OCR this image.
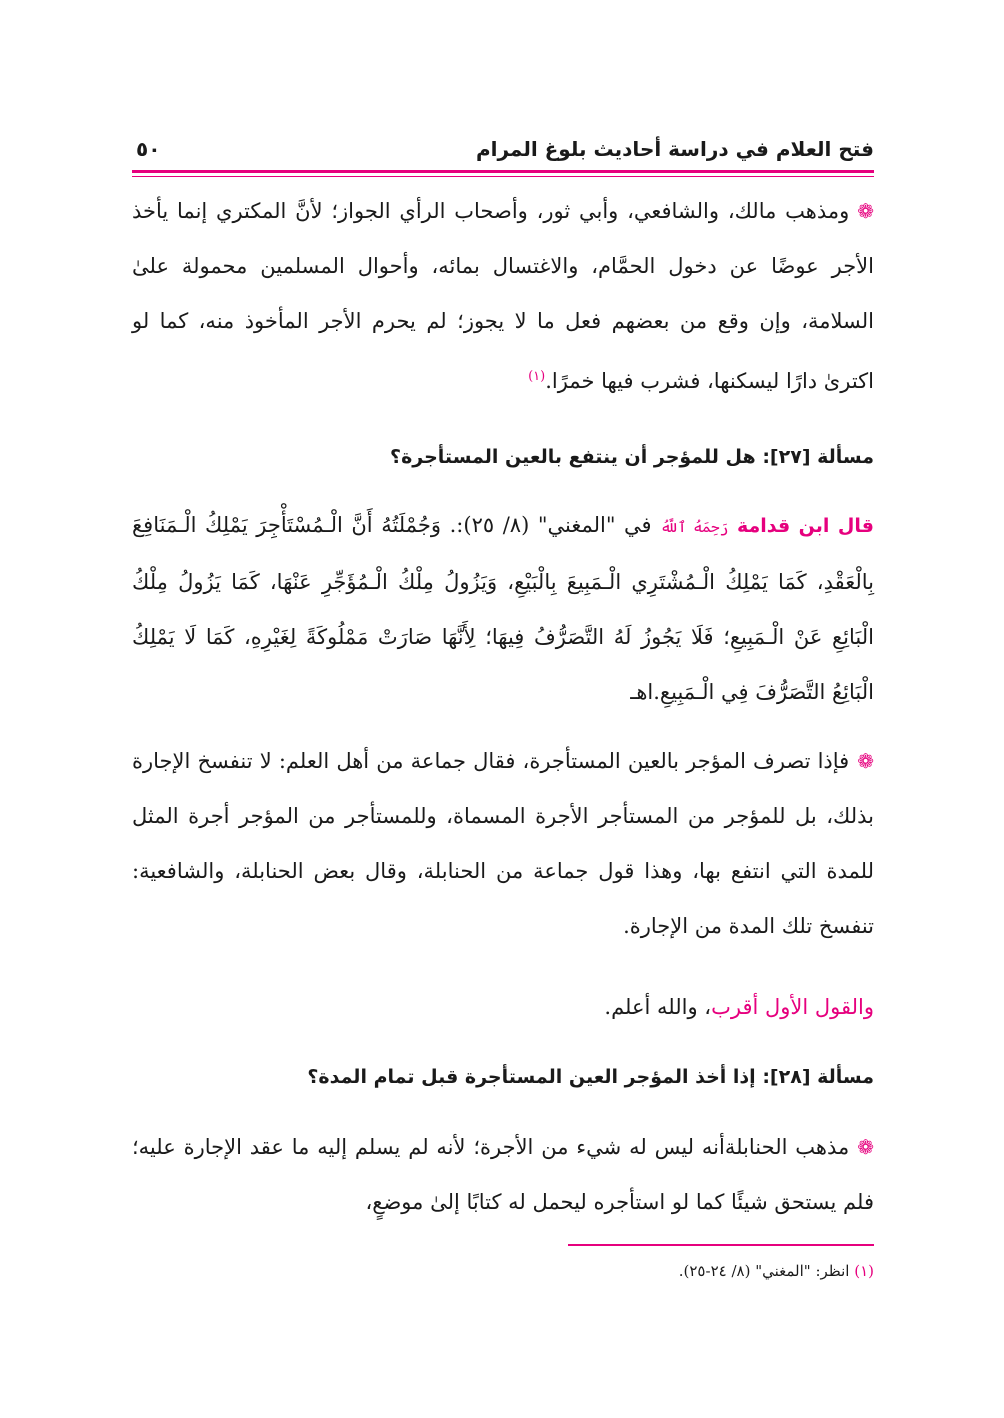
فتح العلام في دراسة أحاديث بلوغ المرام
٥٠

❁ومذهب مالك، والشافعي، وأبي ثور، وأصحاب الرأي الجواز؛ لأنَّ المكتري إنما يأخذ الأجر عوضًا عن دخول الحمَّام، والاغتسال بمائه، وأحوال المسلمين محمولة علىٰ السلامة، وإن وقع من بعضهم فعل ما لا يجوز؛ لم يحرم الأجر المأخوذ منه، كما لو اكترىٰ دارًا ليسكنها، فشرب فيها خمرًا.$^{(١)}$

مسألة [٢٧]: هل للمؤجر أن ينتفع بالعين المستأجرة؟

قال ابن قدامة رَحِمَهُ ٱللَّهُ في "المغني" (٨/ ٢٥):. وَجُمْلَتُهُ أَنَّ الْـمُسْتَأْجِرَ يَمْلِكُ الْـمَنَافِعَ بِالْعَقْدِ، كَمَا يَمْلِكُ الْـمُشْتَرِي الْـمَبِيعَ بِالْبَيْعِ، وَيَزُولُ مِلْكُ الْـمُؤَجِّرِ عَنْهَا، كَمَا يَزُولُ مِلْكُ الْبَائِعِ عَنْ الْـمَبِيعِ؛ فَلَا يَجُوزُ لَهُ التَّصَرُّفُ فِيهَا؛ لِأَنَّهَا صَارَتْ مَمْلُوكَةً لِغَيْرِهِ، كَمَا لَا يَمْلِكُ الْبَائِعُ التَّصَرُّفَ فِي الْـمَبِيعِ.اهـ

❁فإذا تصرف المؤجر بالعين المستأجرة، فقال جماعة من أهل العلم: لا تنفسخ الإجارة بذلك، بل للمؤجر من المستأجر الأجرة المسماة، وللمستأجر من المؤجر أجرة المثل للمدة التي انتفع بها، وهذا قول جماعة من الحنابلة، وقال بعض الحنابلة، والشافعية: تنفسخ تلك المدة من الإجارة.

والقول الأول أقرب، والله أعلم.

مسألة [٢٨]: إذا أخذ المؤجر العين المستأجرة قبل تمام المدة؟

❁مذهب الحنابلةأنه ليس له شيء من الأجرة؛ لأنه لم يسلم إليه ما عقد الإجارة عليه؛ فلم يستحق شيئًا كما لو استأجره ليحمل له كتابًا إلىٰ موضعٍ،

(١) انظر: "المغني" (٨/ ٢٤-٢٥).
